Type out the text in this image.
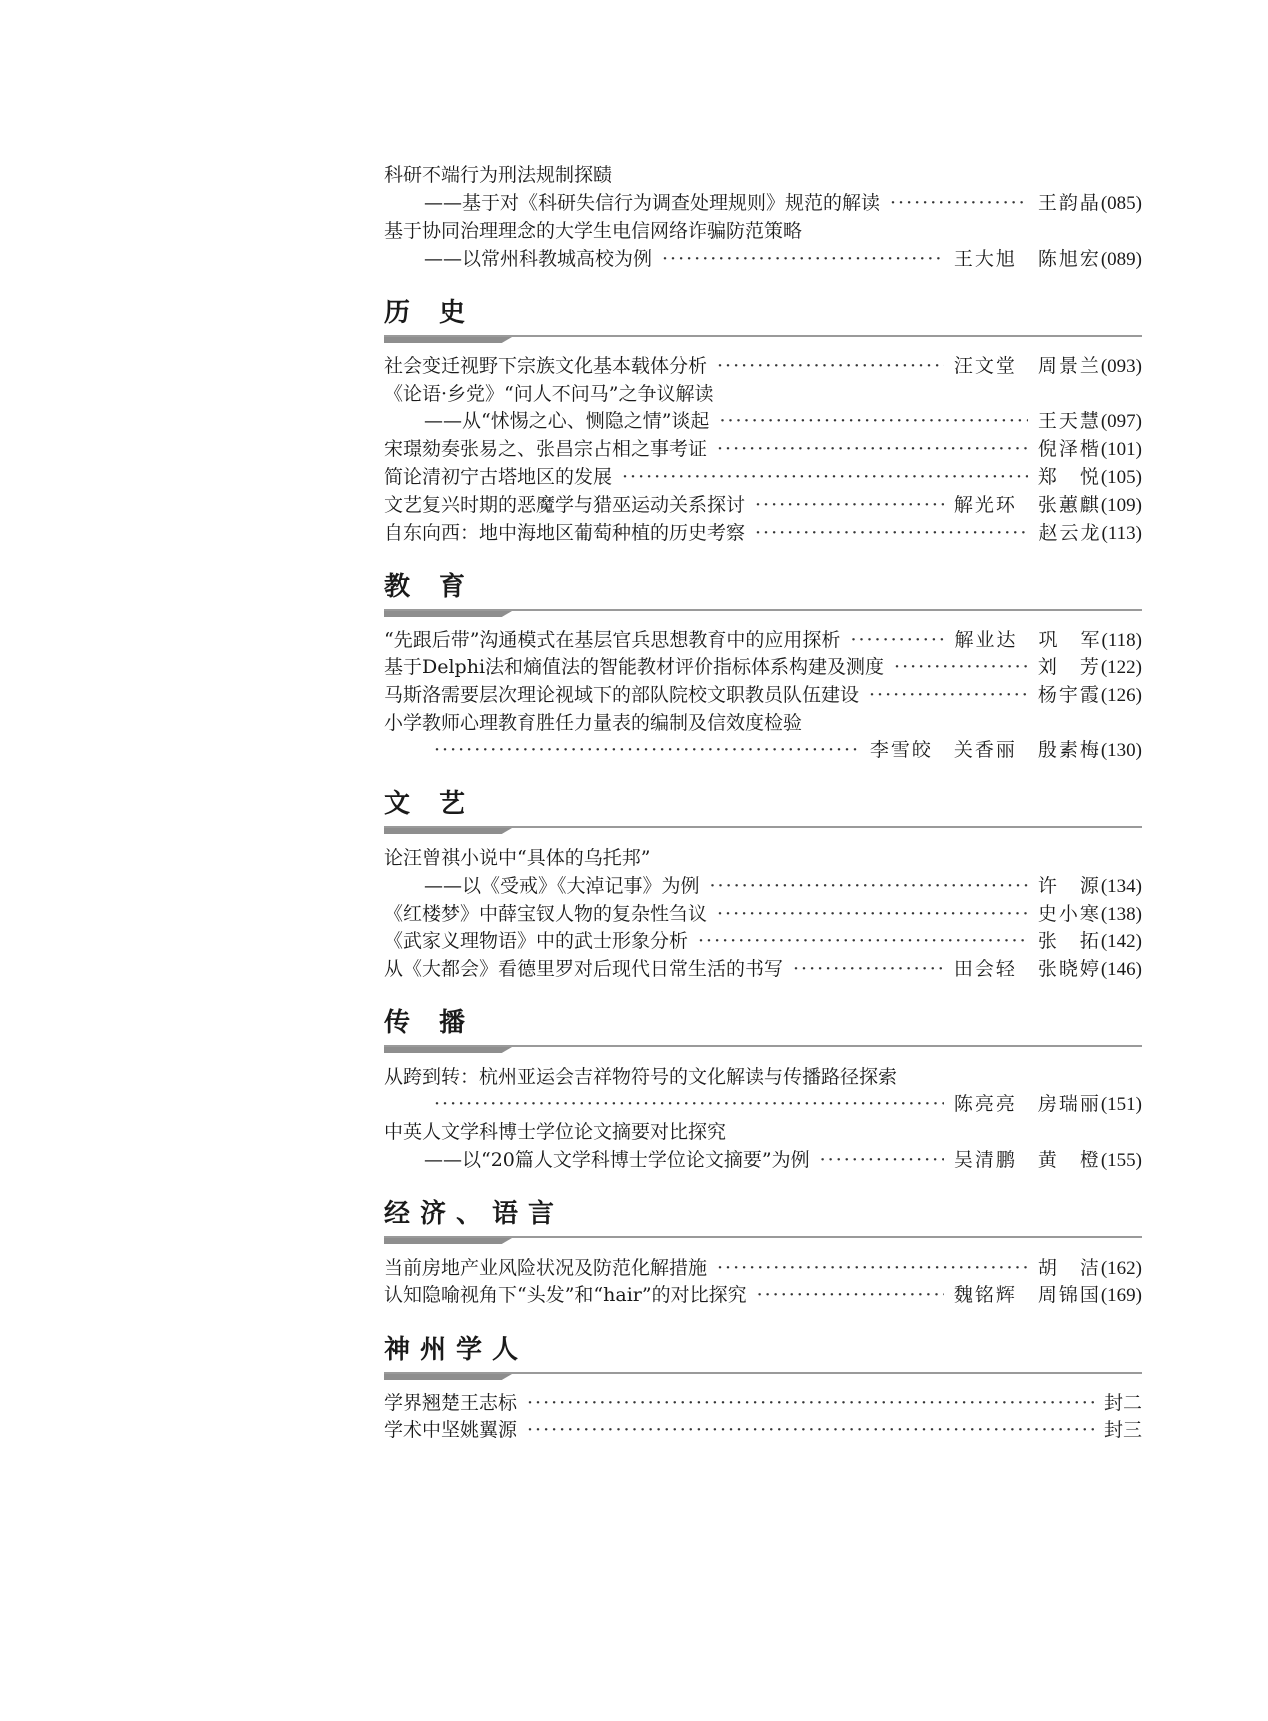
科研不端行为刑法规制探赜
——基于对《科研失信行为调查处理规则》规范的解读 ·····	王韵晶 (085)
基于协同治理理念的大学生电信网络诈骗防范策略
——以常州科教城高校为例 ·····	王大旭　陈旭宏 (089)
历 史
社会变迁视野下宗族文化基本载体分析 ·····	汪文堂　周景兰 (093)
《论语·乡党》“问人不问马”之争议解读
——从“怵惕之心、恻隐之情”谈起 ·····	王天慧 (097)
宋璟劾奏张易之、张昌宗占相之事考证 ·····	倪泽楷 (101)
简论清初宁古塔地区的发展 ·····	郑　悦 (105)
文艺复兴时期的恶魔学与猎巫运动关系探讨 ·····	解光环　张蕙麒 (109)
自东向西：地中海地区葡萄种植的历史考察 ·····	赵云龙 (113)
教 育
“先跟后带”沟通模式在基层官兵思想教育中的应用探析 ·····	解业达　巩　军 (118)
基于Delphi法和熵值法的智能教材评价指标体系构建及测度 ·····	刘　芳 (122)
马斯洛需要层次理论视域下的部队院校文职教员队伍建设 ·····	杨宇霞 (126)
小学教师心理教育胜任力量表的编制及信效度检验
·····
李雪皎　关香丽　殷素梅 (130)
文 艺
论汪曾祺小说中“具体的乌托邦”
——以《受戒》《大淖记事》为例 ·····	许　源 (134)
《红楼梦》中薛宝钗人物的复杂性刍议 ·····	史小寒 (138)
《武家义理物语》中的武士形象分析 ·····	张　拓 (142)
从《大都会》看德里罗对后现代日常生活的书写 ·····	田会轻　张晓婷 (146)
传 播
从跨到转：杭州亚运会吉祥物符号的文化解读与传播路径探索
·····
陈亮亮　房瑞丽 (151)
中英人文学科博士学位论文摘要对比探究
——以“20篇人文学科博士学位论文摘要”为例 ·····	吴清鹏　黄　橙 (155)
经济、语言
当前房地产业风险状况及防范化解措施 ·····	胡　洁 (162)
认知隐喻视角下“头发”和“hair”的对比探究 ·····	魏铭辉　周锦国 (169)
神州学人
学界翘楚王志标 ·····	封二
学术中坚姚翼源 ·····	封三
